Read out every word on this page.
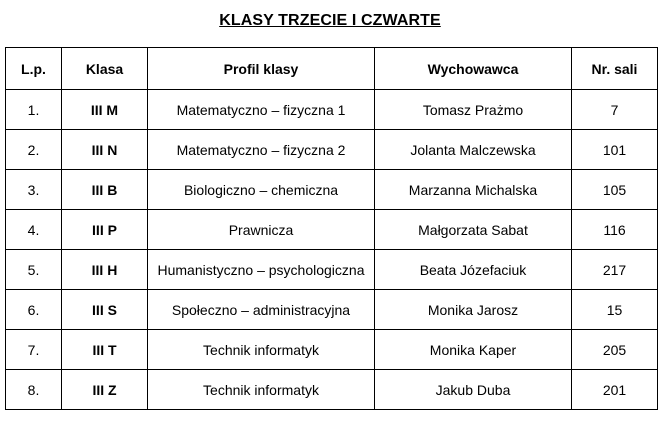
KLASY TRZECIE I CZWARTE
L.p.	Klasa	Profil klasy	Wychowawca	Nr. sali
1.	III M	Matematyczno – fizyczna 1	Tomasz Prażmo	7
2.	III N	Matematyczno – fizyczna 2	Jolanta Malczewska	101
3.	III B	Biologiczno – chemiczna	Marzanna Michalska	105
4.	III P	Prawnicza	Małgorzata Sabat	116
5.	III H	Humanistyczno – psychologiczna	Beata Józefaciuk	217
6.	III S	Społeczno – administracyjna	Monika Jarosz	15
7.	III T	Technik informatyk	Monika Kaper	205
8.	III Z	Technik informatyk	Jakub Duba	201
